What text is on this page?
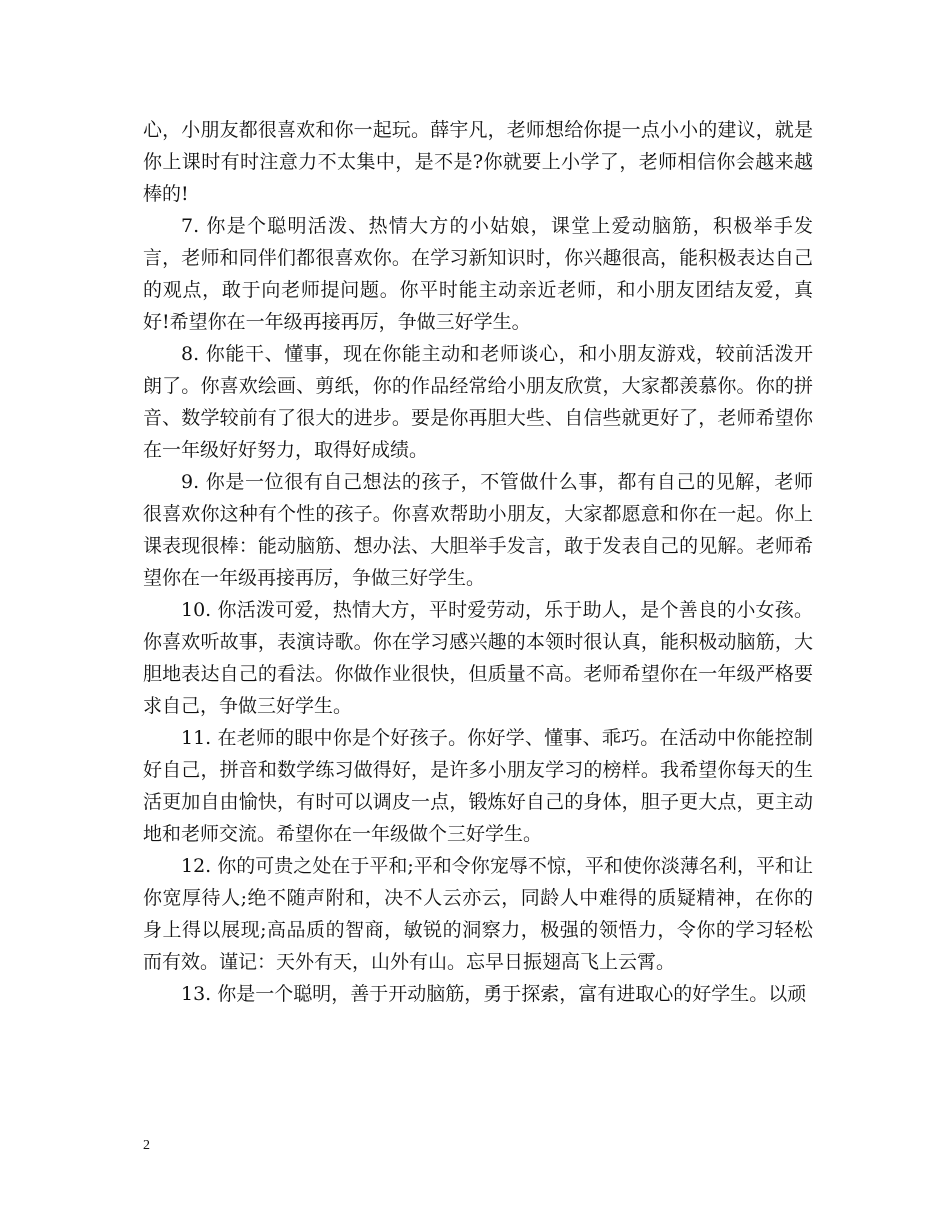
心，小朋友都很喜欢和你一起玩。薛宇凡，老师想给你提一点小小的建议，就是你上课时有时注意力不太集中，是不是?你就要上小学了，老师相信你会越来越棒的!

7. 你是个聪明活泼、热情大方的小姑娘，课堂上爱动脑筋，积极举手发言，老师和同伴们都很喜欢你。在学习新知识时，你兴趣很高，能积极表达自己的观点，敢于向老师提问题。你平时能主动亲近老师，和小朋友团结友爱，真好!希望你在一年级再接再厉，争做三好学生。

8. 你能干、懂事，现在你能主动和老师谈心，和小朋友游戏，较前活泼开朗了。你喜欢绘画、剪纸，你的作品经常给小朋友欣赏，大家都羡慕你。你的拼音、数学较前有了很大的进步。要是你再胆大些、自信些就更好了，老师希望你在一年级好好努力，取得好成绩。

9. 你是一位很有自己想法的孩子，不管做什么事，都有自己的见解，老师很喜欢你这种有个性的孩子。你喜欢帮助小朋友，大家都愿意和你在一起。你上课表现很棒：能动脑筋、想办法、大胆举手发言，敢于发表自己的见解。老师希望你在一年级再接再厉，争做三好学生。

10. 你活泼可爱，热情大方，平时爱劳动，乐于助人，是个善良的小女孩。你喜欢听故事，表演诗歌。你在学习感兴趣的本领时很认真，能积极动脑筋，大胆地表达自己的看法。你做作业很快，但质量不高。老师希望你在一年级严格要求自己，争做三好学生。

11. 在老师的眼中你是个好孩子。你好学、懂事、乖巧。在活动中你能控制好自己，拼音和数学练习做得好，是许多小朋友学习的榜样。我希望你每天的生活更加自由愉快，有时可以调皮一点，锻炼好自己的身体，胆子更大点，更主动地和老师交流。希望你在一年级做个三好学生。

12. 你的可贵之处在于平和;平和令你宠辱不惊，平和使你淡薄名利，平和让你宽厚待人;绝不随声附和，决不人云亦云，同龄人中难得的质疑精神，在你的身上得以展现;高品质的智商，敏锐的洞察力，极强的领悟力，令你的学习轻松而有效。谨记：天外有天，山外有山。忘早日振翅高飞上云霄。

13. 你是一个聪明，善于开动脑筋，勇于探索，富有进取心的好学生。以顽

2
